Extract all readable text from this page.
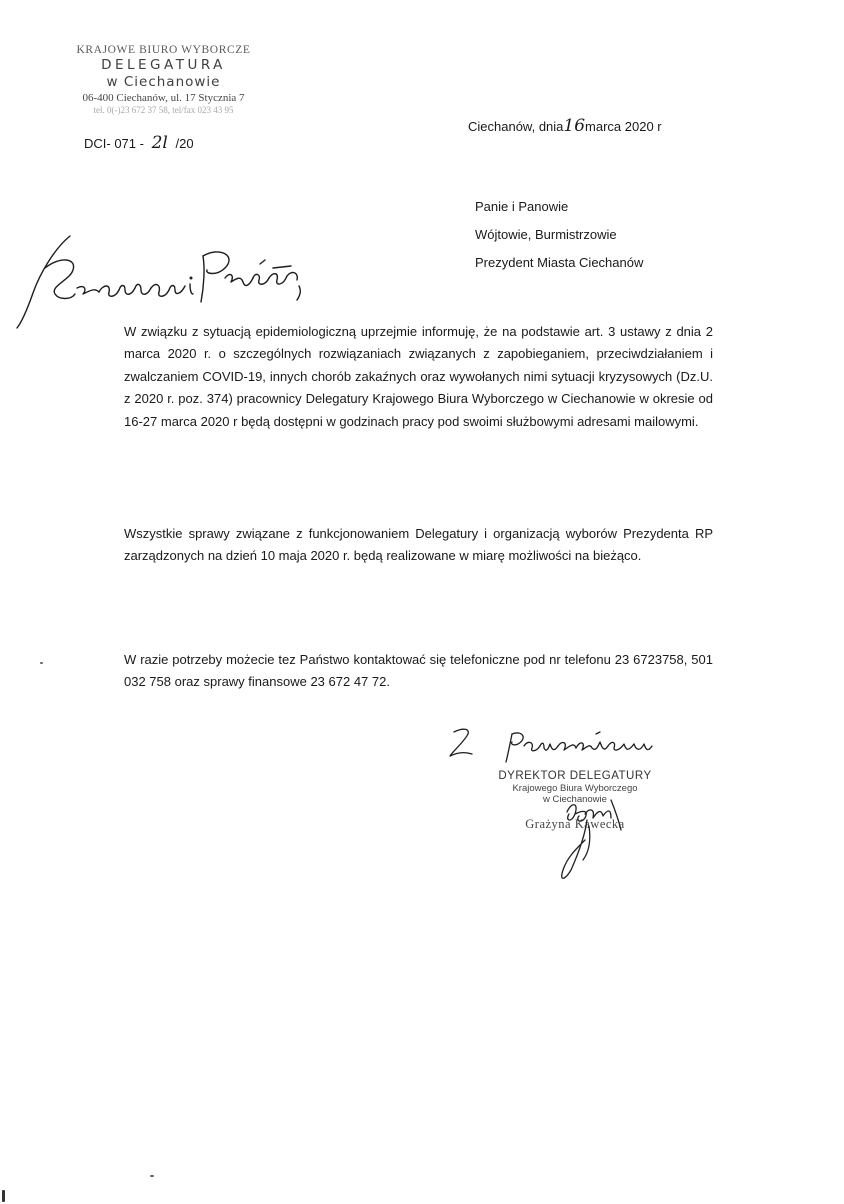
KRAJOWE BIURO WYBORCZE
DELEGATURA
w Ciechanowie
06-400 Ciechanów, ul. 17 Stycznia 7
tel. 0(-)23 672 37 58, tel/fax 023 43 95
DCI- 071 - 2l /20
Ciechanów, dnia16marca 2020 r
Panie i Panowie
Wójtowie, Burmistrzowie
Prezydent Miasta Ciechanów
W związku z sytuacją epidemiologiczną uprzejmie informuję, że na podstawie art. 3 ustawy z dnia 2 marca 2020 r. o szczególnych rozwiązaniach związanych z zapobieganiem, przeciwdziałaniem i zwalczaniem COVID-19, innych chorób zakaźnych oraz wywołanych nimi sytuacji kryzysowych (Dz.U. z 2020 r. poz. 374) pracownicy Delegatury Krajowego Biura Wyborczego w Ciechanowie w okresie od 16-27 marca 2020 r będą dostępni w godzinach pracy pod swoimi służbowymi adresami mailowymi.
Wszystkie sprawy związane z funkcjonowaniem Delegatury i organizacją wyborów Prezydenta RP zarządzonych na dzień 10 maja 2020 r. będą realizowane w miarę możliwości na bieżąco.
W razie potrzeby możecie tez Państwo kontaktować się telefoniczne pod nr telefonu 23 6723758, 501 032 758 oraz sprawy finansowe 23 672 47 72.
DYREKTOR DELEGATURY
Krajowego Biura Wyborczego
w Ciechanowie
Grażyna Kawecka
